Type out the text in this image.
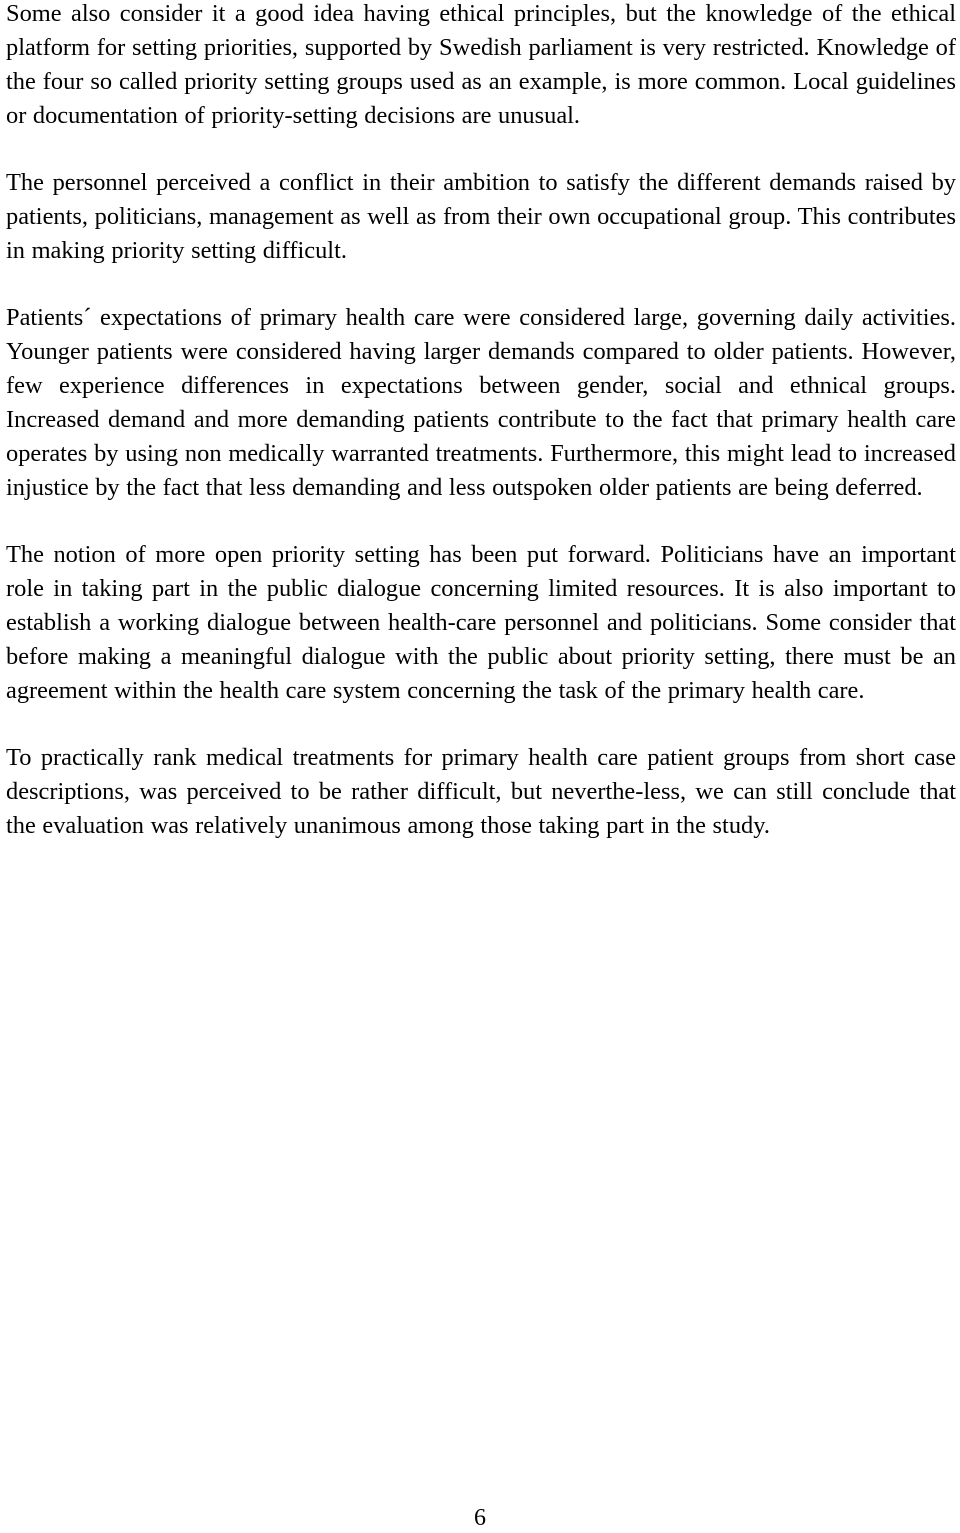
Some also consider it a good idea having ethical principles, but the knowledge of the ethical platform for setting priorities, supported by Swedish parliament is very restricted. Knowledge of the four so called priority setting groups used as an example, is more common. Local guidelines or documentation of priority-setting decisions are unusual.

The personnel perceived a conflict in their ambition to satisfy the different demands raised by patients, politicians, management as well as from their own occupational group. This contributes in making priority setting difficult.

Patients´ expectations of primary health care were considered large, governing daily activities. Younger patients were considered having larger demands compared to older patients. However, few experience differences in expectations between gender, social and ethnical groups. Increased demand and more demanding patients contribute to the fact that primary health care operates by using non medically warranted treatments. Furthermore, this might lead to increased injustice by the fact that less demanding and less outspoken older patients are being deferred.

The notion of more open priority setting has been put forward. Politicians have an important role in taking part in the public dialogue concerning limited resources. It is also important to establish a working dialogue between health-care personnel and politicians. Some consider that before making a meaningful dialogue with the public about priority setting, there must be an agreement within the health care system concerning the task of the primary health care.

To practically rank medical treatments for primary health care patient groups from short case descriptions, was perceived to be rather difficult, but neverthe-less, we can still conclude that the evaluation was relatively unanimous among those taking part in the study.

6
